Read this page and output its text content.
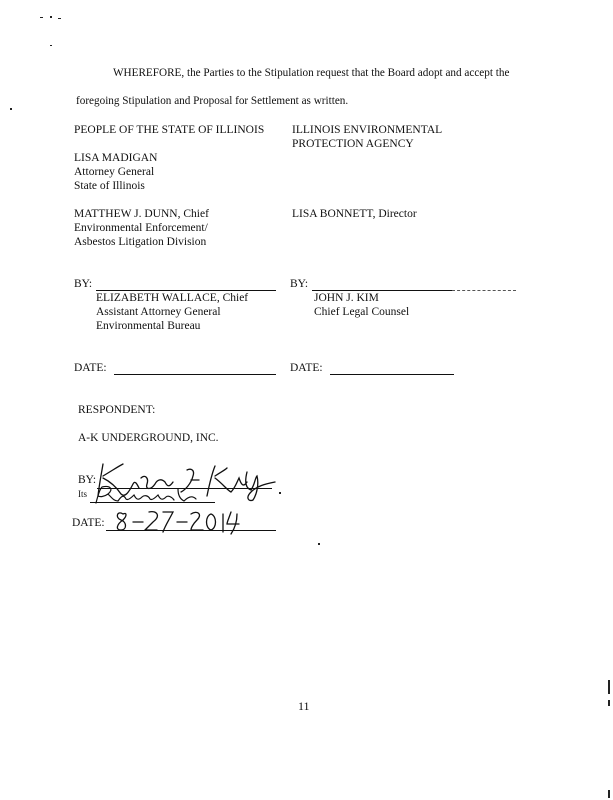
WHEREFORE, the Parties to the Stipulation request that the Board adopt and accept the
foregoing Stipulation and Proposal for Settlement as written.
PEOPLE OF THE STATE OF ILLINOIS
LISA MADIGAN
Attorney General
State of Illinois
MATTHEW J. DUNN, Chief
Environmental Enforcement/
Asbestos Litigation Division
BY:
ELIZABETH WALLACE, Chief
Assistant Attorney General
Environmental Bureau
DATE:
ILLINOIS ENVIRONMENTAL
PROTECTION AGENCY
LISA BONNETT, Director
BY:
JOHN J. KIM
Chief Legal Counsel
DATE:
RESPONDENT:
A-K UNDERGROUND, INC.
BY:
Its
DATE:
11
